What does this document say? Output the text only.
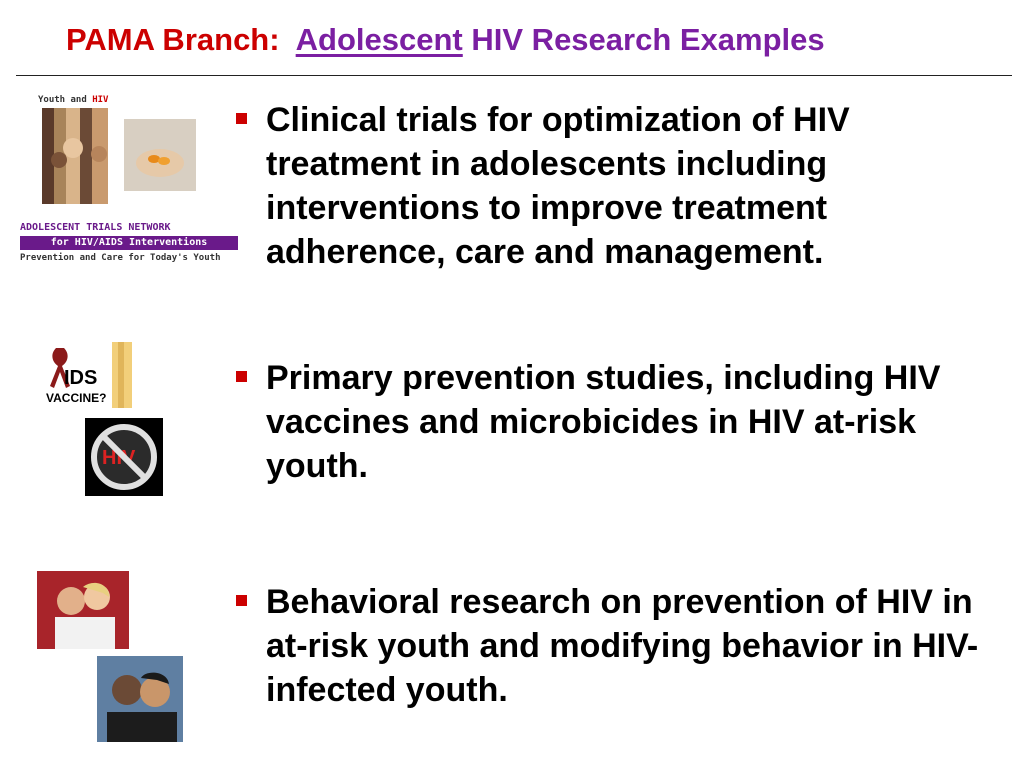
PAMA Branch: Adolescent HIV Research Examples
Clinical trials for optimization of HIV treatment in adolescents including interventions to improve treatment adherence, care and management.
Primary prevention studies, including HIV vaccines and microbicides in HIV at-risk youth.
Behavioral research on prevention of HIV in at-risk youth and modifying behavior in HIV-infected youth.
Youth and HIV
ADOLESCENT TRIALS NETWORK
for HIV/AIDS Interventions
Prevention and Care for Today's Youth
IDS
VACCINE?
HIV
